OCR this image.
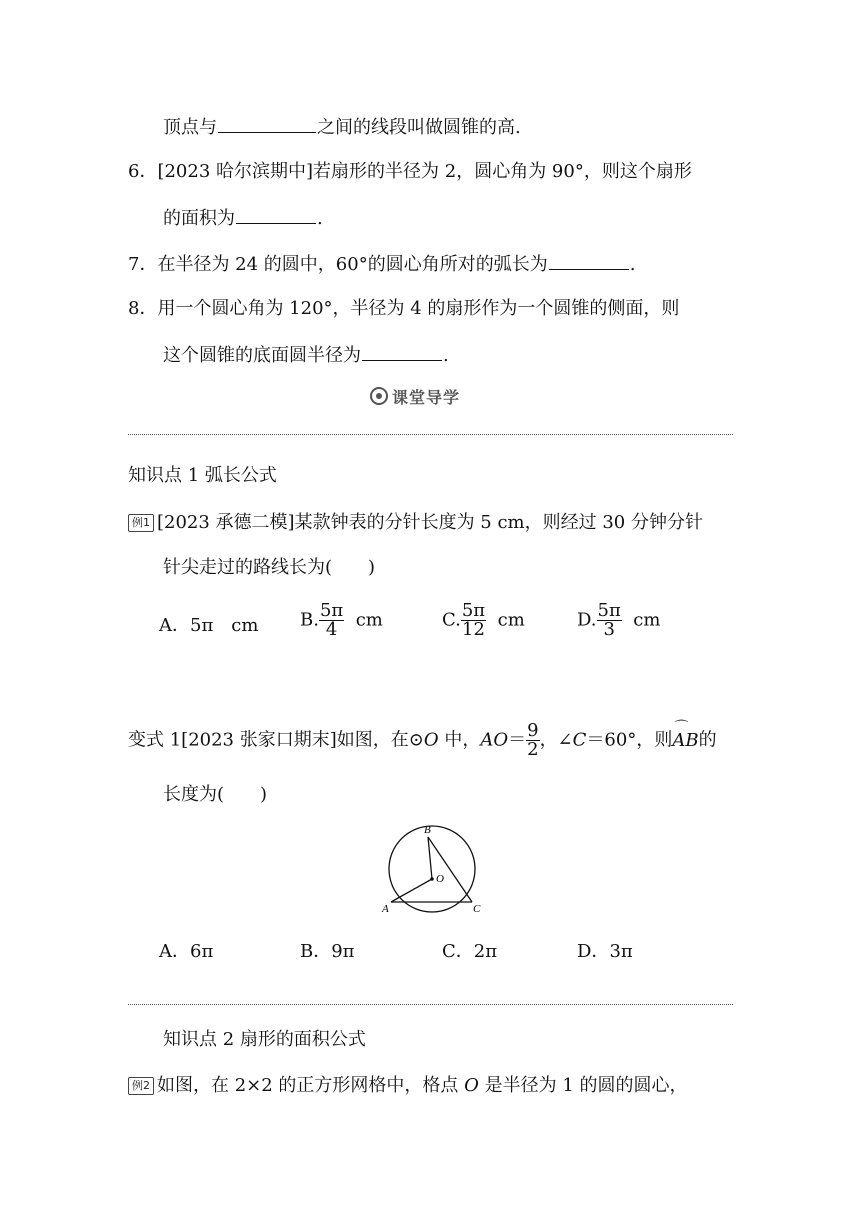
顶点与	之间的线段叫做圆锥的高.
6．[2023 哈尔滨期中]若扇形的半径为 2，圆心角为 90°，则这个扇形
的面积为	.
7．在半径为 24 的圆中，60°的圆心角所对的弧长为	.
8．用一个圆心角为 120°，半径为 4 的扇形作为一个圆锥的侧面，则
这个圆锥的底面圆半径为	.
课堂导学
知识点 1 弧长公式
例1 [2023 承德二模]某款钟表的分针长度为 5 cm，则经过 30 分钟分针
针尖走过的路线长为(　　)
A．5π　cm B. $\frac{5\pi}{4}$ cm	C. $\frac{5\pi}{12}$ cm	D. $\frac{5\pi}{3}$ cm
变式 1[2023 张家口期末]如图，在⊙O 中，$AO= \frac{9}{2}$ ，∠C＝60°，则⌒ AB的
长度为(　　)
B
O
A	C
A．6π	B．9π	C．2π	D．3π
知识点 2 扇形的面积公式
例2 如图，在 2×2 的正方形网格中，格点 O 是半径为 1 的圆的圆心，
